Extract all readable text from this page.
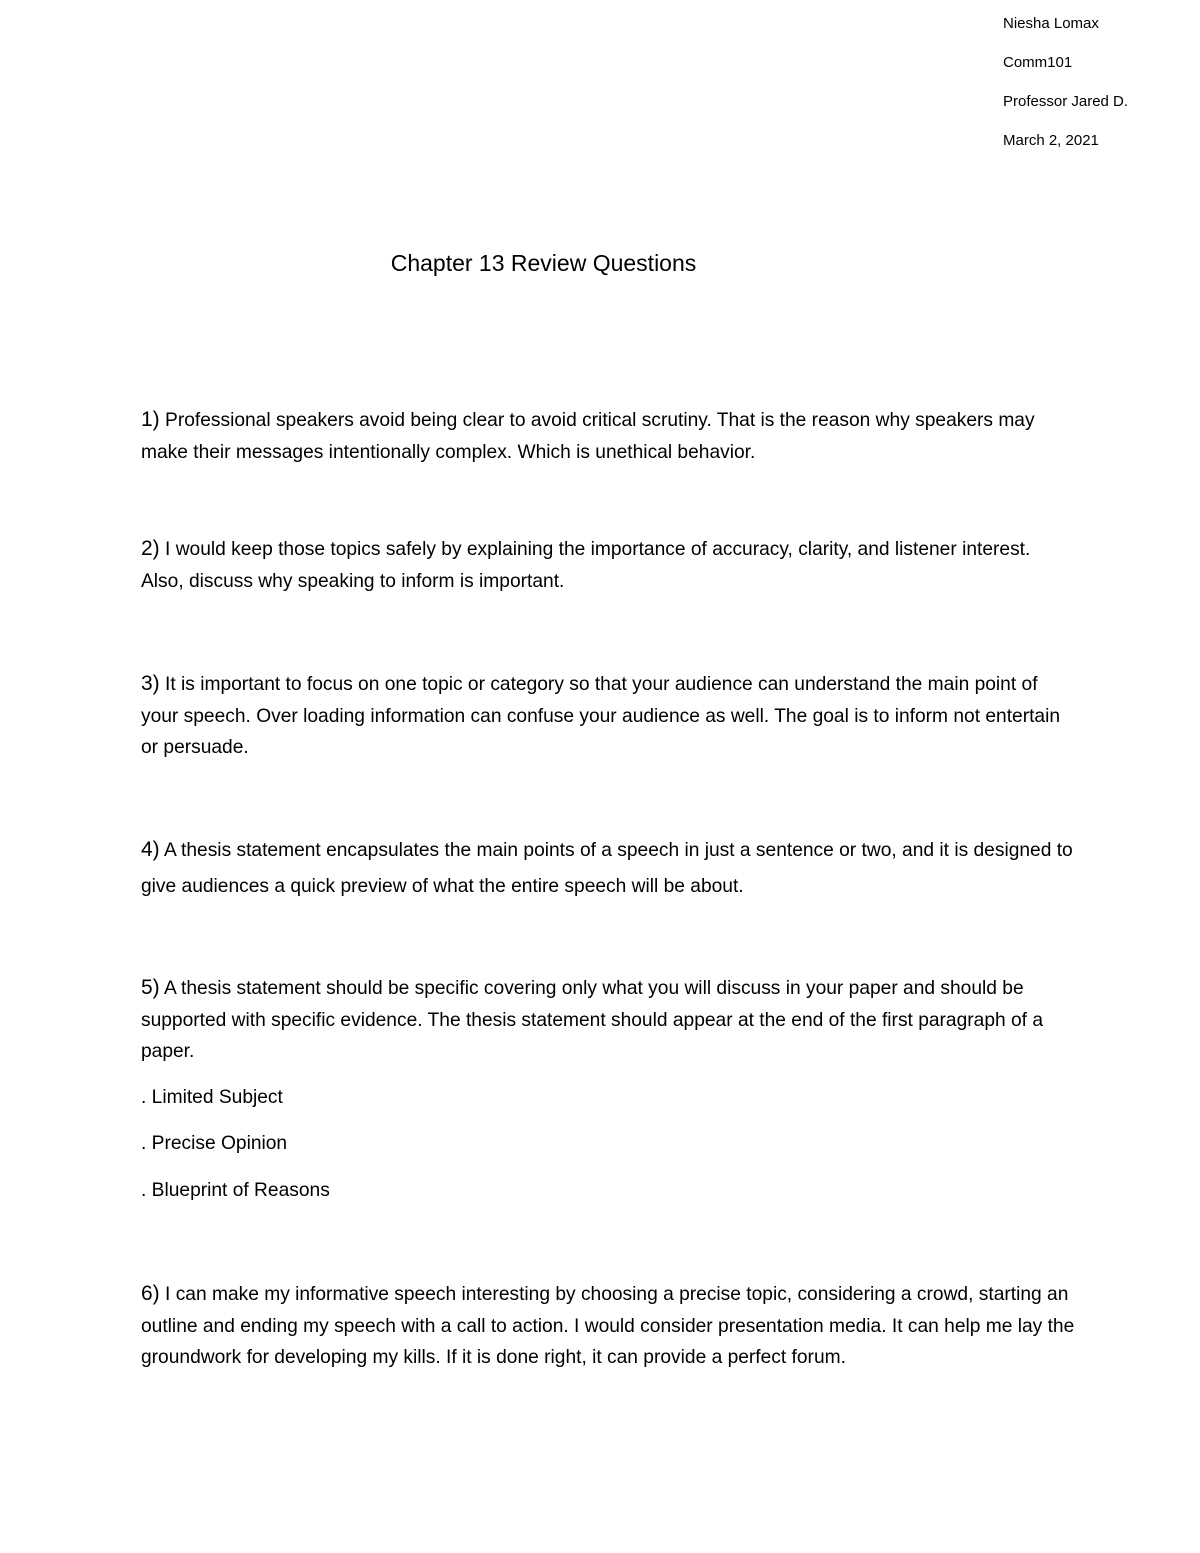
Niesha Lomax
Comm101
Professor Jared D.
March 2, 2021
Chapter 13 Review Questions
1) Professional speakers avoid being clear to avoid critical scrutiny. That is the reason why speakers may make their messages intentionally complex. Which is unethical behavior.
2) I would keep those topics safely by explaining the importance of accuracy, clarity, and listener interest. Also, discuss why speaking to inform is important.
3) It is important to focus on one topic or category so that your audience can understand the main point of your speech. Over loading information can confuse your audience as well. The goal is to inform not entertain or persuade.
4) A thesis statement encapsulates the main points of a speech in just a sentence or two, and it is designed to give audiences a quick preview of what the entire speech will be about.
5) A thesis statement should be specific covering only what you will discuss in your paper and should be supported with specific evidence. The thesis statement should appear at the end of the first paragraph of a paper.
. Limited Subject
. Precise Opinion
. Blueprint of Reasons
6) I can make my informative speech interesting by choosing a precise topic, considering a crowd, starting an outline and ending my speech with a call to action. I would consider presentation media. It can help me lay the groundwork for developing my kills. If it is done right, it can provide a perfect forum.
